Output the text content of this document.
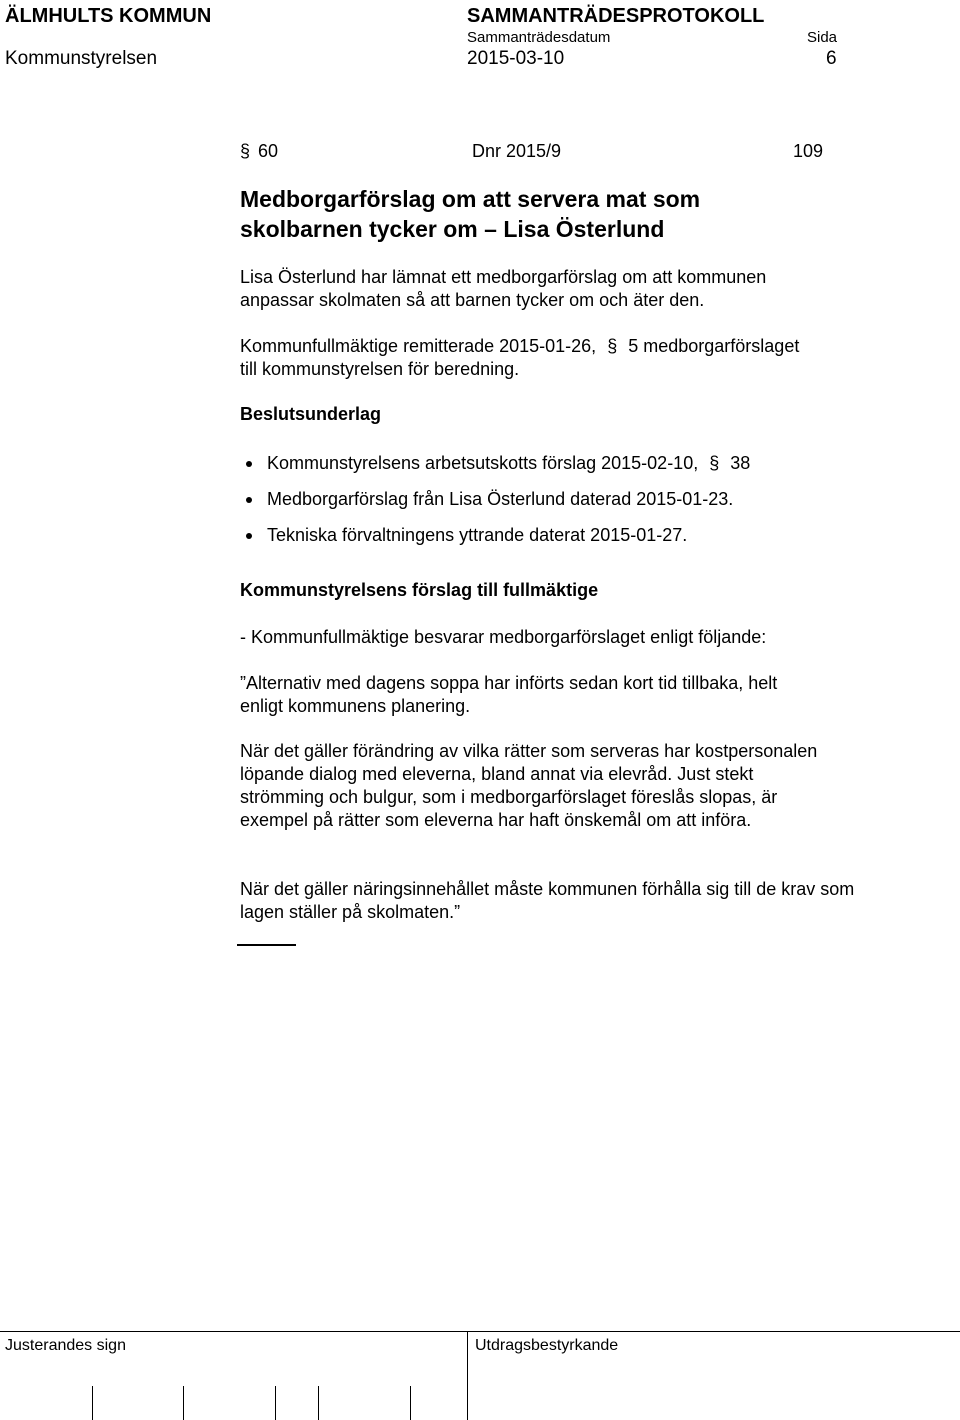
ÄLMHULTS KOMMUN	SAMMANTRÄDESPROTOKOLL
Sammanträdesdatum	Sida
Kommunstyrelsen	2015-03-10	6
§ 60	Dnr 2015/9	109
Medborgarförslag om att servera mat som
skolbarnen tycker om – Lisa Österlund
Lisa Österlund har lämnat ett medborgarförslag om att kommunen anpassar skolmaten så att barnen tycker om och äter den.
Kommunfullmäktige remitterade 2015-01-26, § 5 medborgarförslaget
till kommunstyrelsen för beredning.
Beslutsunderlag
Kommunstyrelsens arbetsutskotts förslag 2015-02-10, § 38
Medborgarförslag från Lisa Österlund daterad 2015-01-23.
Tekniska förvaltningens yttrande daterat 2015-01-27.
Kommunstyrelsens förslag till fullmäktige
- Kommunfullmäktige besvarar medborgarförslaget enligt följande:
”Alternativ med dagens soppa har införts sedan kort tid tillbaka, helt
enligt kommunens planering.
När det gäller förändring av vilka rätter som serveras har kostpersonalen löpande dialog med eleverna, bland annat via elevråd. Just stekt strömming och bulgur, som i medborgarförslaget föreslås slopas, är exempel på rätter som eleverna har haft önskemål om att införa.
När det gäller näringsinnehållet måste kommunen förhålla sig till de krav som lagen ställer på skolmaten.”
Justerandes sign	Utdragsbestyrkande
